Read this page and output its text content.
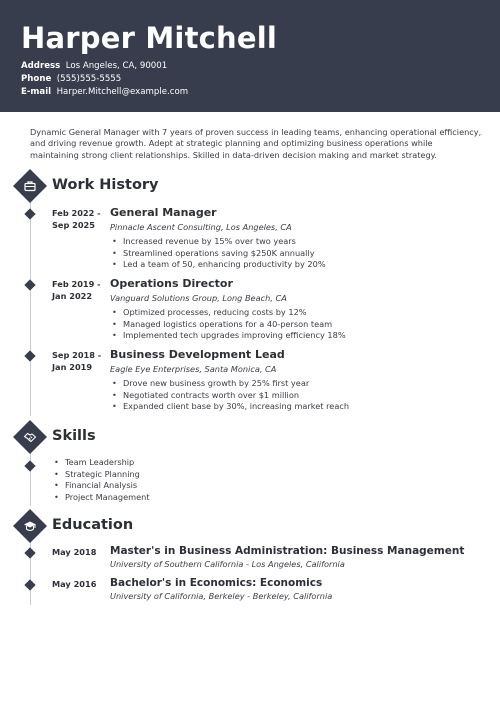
Harper Mitchell
Address Los Angeles, CA, 90001
Phone (555)555-5555
E-mail Harper.Mitchell@example.com
Dynamic General Manager with 7 years of proven success in leading teams, enhancing operational efficiency, and driving revenue growth. Adept at strategic planning and optimizing business operations while maintaining strong client relationships. Skilled in data-driven decision making and market strategy.
Work History
Feb 2022 -
Sep 2025
General Manager
Pinnacle Ascent Consulting, Los Angeles, CA
• Increased revenue by 15% over two years
• Streamlined operations saving $250K annually
• Led a team of 50, enhancing productivity by 20%
Feb 2019 -
Jan 2022
Operations Director
Vanguard Solutions Group, Long Beach, CA
• Optimized processes, reducing costs by 12%
• Managed logistics operations for a 40-person team
• Implemented tech upgrades improving efficiency 18%
Sep 2018 -
Jan 2019
Business Development Lead
Eagle Eye Enterprises, Santa Monica, CA
• Drove new business growth by 25% first year
• Negotiated contracts worth over $1 million
• Expanded client base by 30%, increasing market reach
Skills
• Team Leadership
• Strategic Planning
• Financial Analysis
• Project Management
Education
May 2018 Master's in Business Administration: Business Management
University of Southern California - Los Angeles, California
May 2016 Bachelor's in Economics: Economics
University of California, Berkeley - Berkeley, California
